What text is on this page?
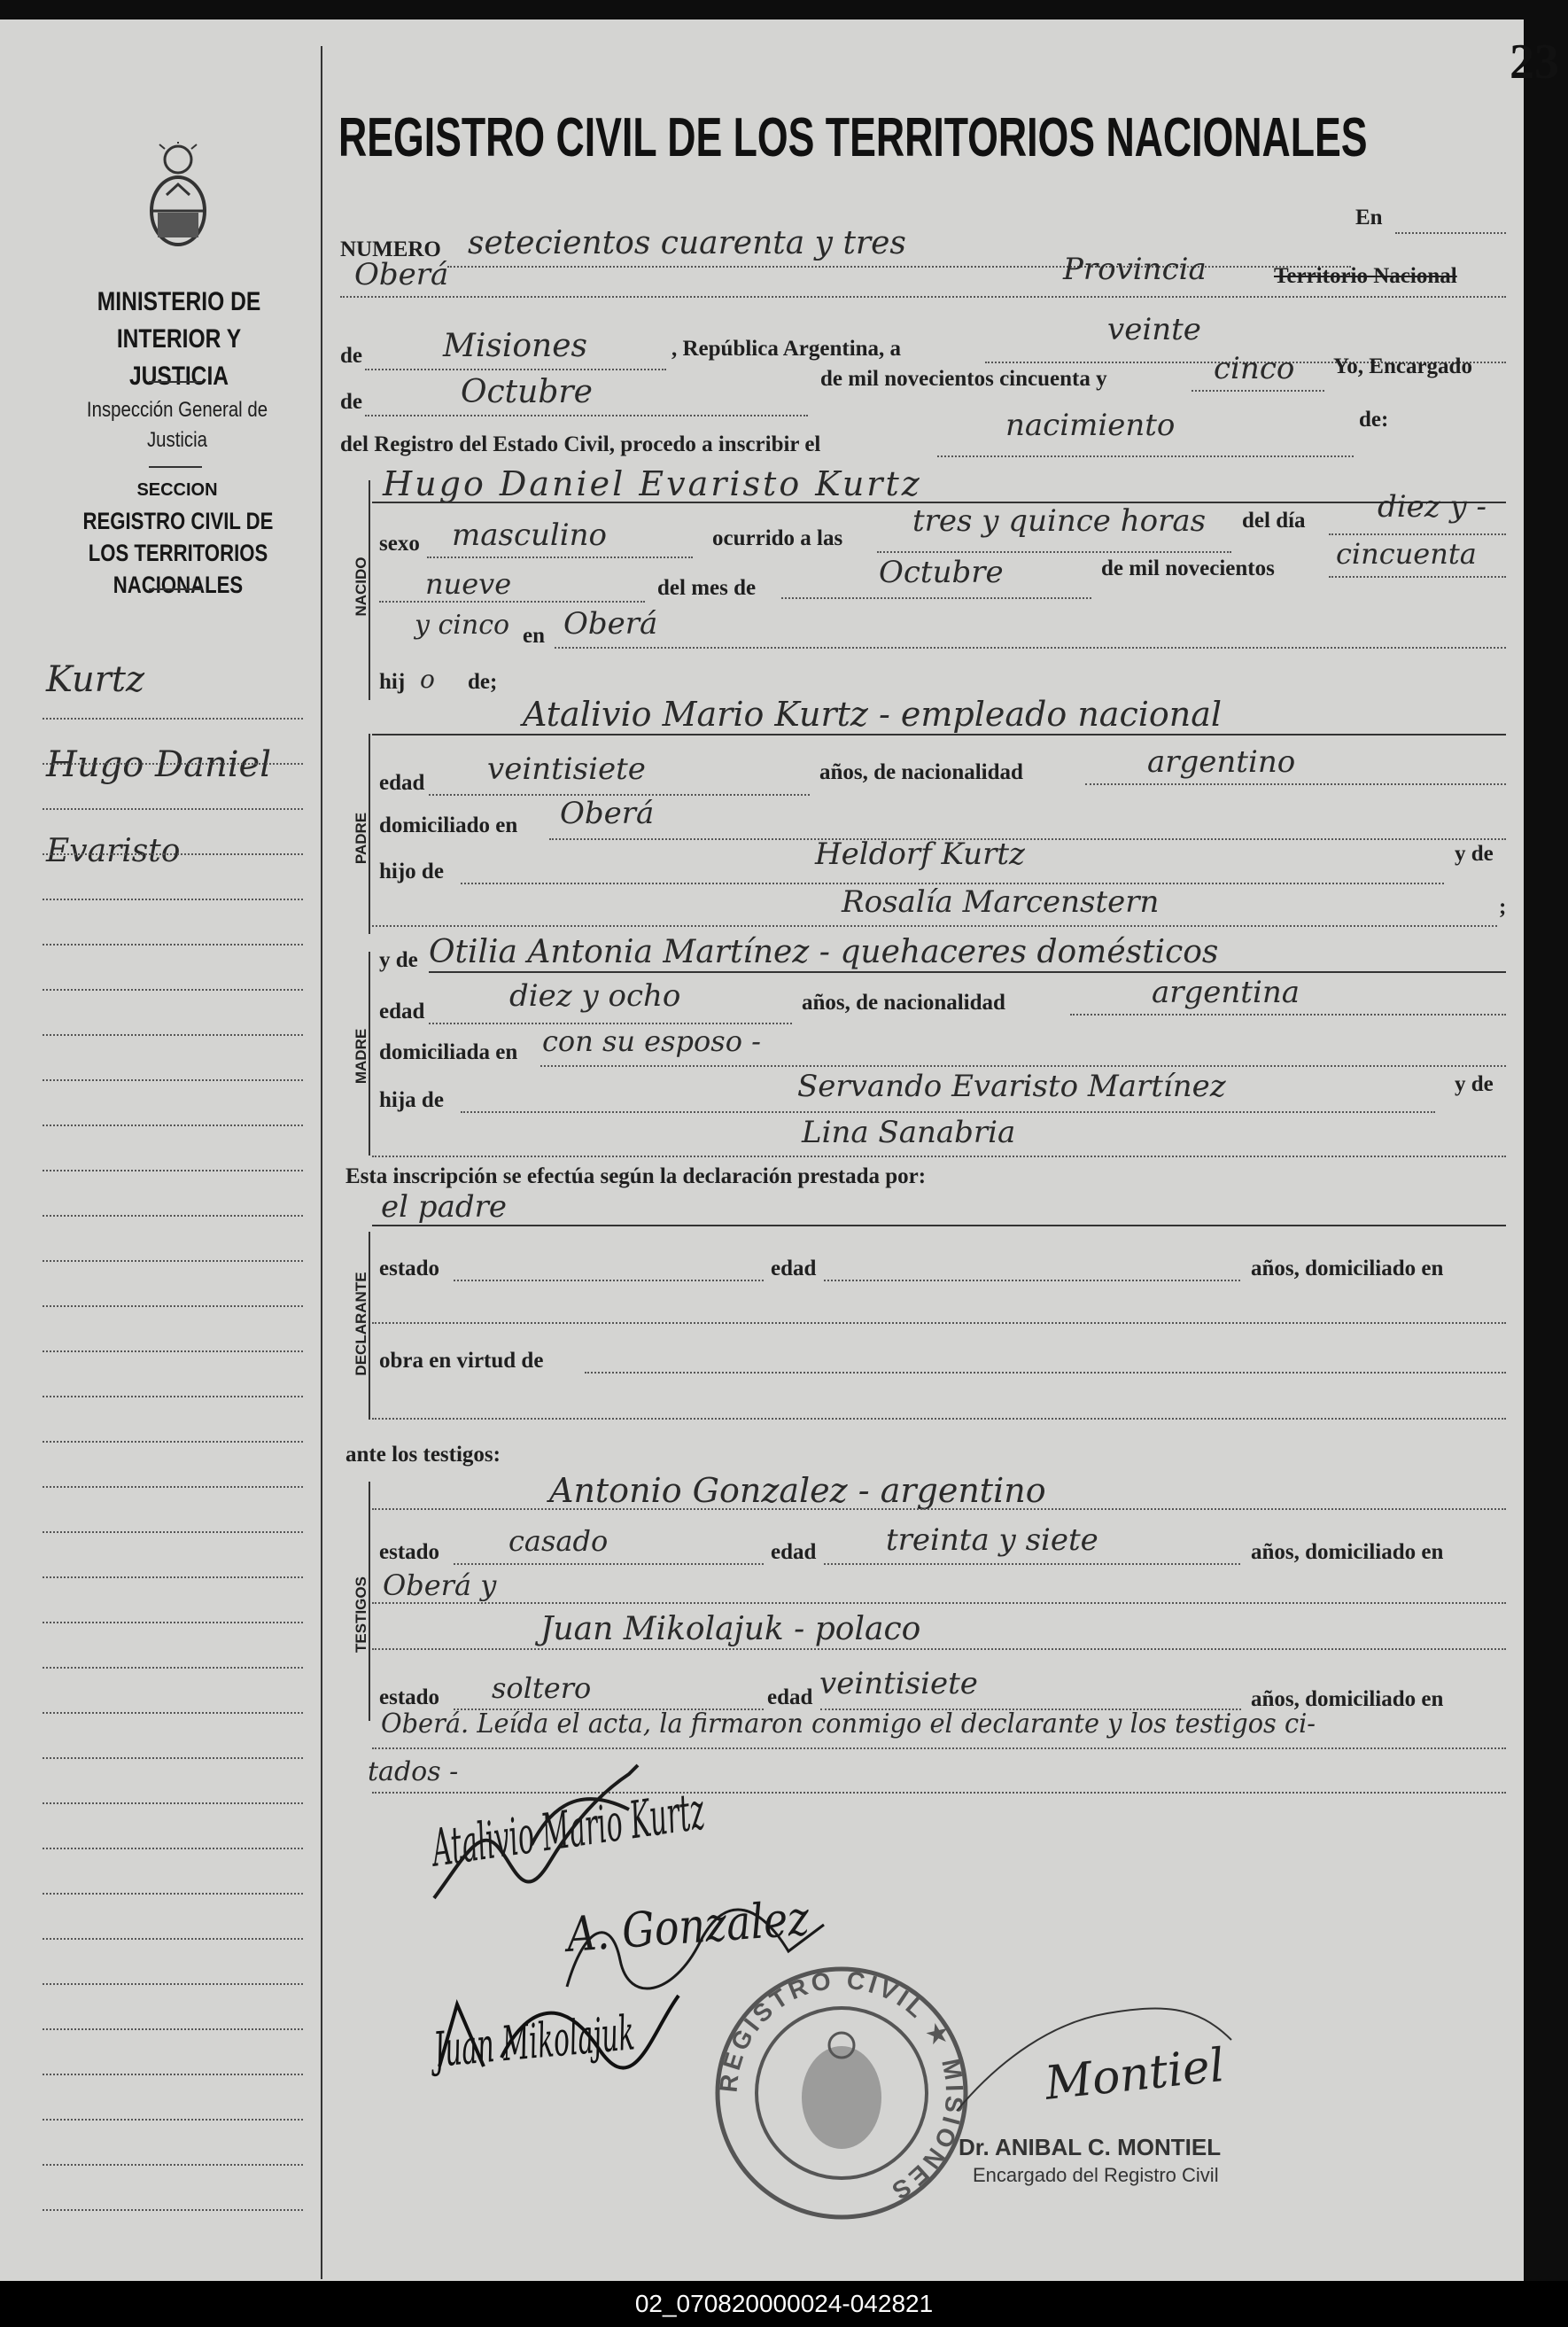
MINISTERIO DE INTERIOR Y JUSTICIA
Inspección General de Justicia
SECCION
REGISTRO CIVIL DE LOS TERRITORIOS NACIONALES
Kurtz
Hugo Daniel
Evaristo
REGISTRO CIVIL DE LOS TERRITORIOS NACIONALES
NUMERO setecientos cuarenta y tres
En
Oberá	Provincia	Territorio Nacional
de	Misiones	, República Argentina, a
veinte
de	Octubre	de mil novecientos cincuenta y	cinco Yo, Encargado
del Registro del Estado Civil, procedo a inscribir el
nacimiento	de:
NACIDO
Hugo Daniel Evaristo Kurtz
sexo masculino	ocurrido a las tres y quince horas del día diez y -
nueve	del mes de	Octubre	de mil novecientos cincuenta
y cinco en Oberá
hij o de;
PADRE
Atalivio Mario Kurtz - empleado nacional
edad veintisiete	años, de nacionalidad	argentino
domiciliado en Oberá
hijo de	Heldorf Kurtz	y de
Rosalía Marcenstern	;
MADRE
y de Otilia Antonia Martínez - quehaceres domésticos
edad	diez y ocho	años, de nacionalidad	argentina
domiciliada en con su esposo -
hija de	Servando Evaristo Martínez	y de
Lina Sanabria
Esta inscripción se efectúa según la declaración prestada por:
el padre
DECLARANTE
estado	edad	años, domiciliado en
obra en virtud de
ante los testigos:
TESTIGOS
Antonio Gonzalez - argentino
estado casado	edad treinta y siete	años, domiciliado en
Oberá y
Juan Mikolajuk - polaco
estado soltero	edad veintisiete	años, domiciliado en
Oberá. Leída el acta, la firmaron conmigo el declarante y los testigos ci-
tados -
Atalivio Mario Kurtz
A. Gonzalez
Juan Mikolajuk
REGISTRO CIVIL ★ MISIONES
Montiel
Dr. ANIBAL C. MONTIEL
Encargado del Registro Civil
23
02_070820000024-042821
